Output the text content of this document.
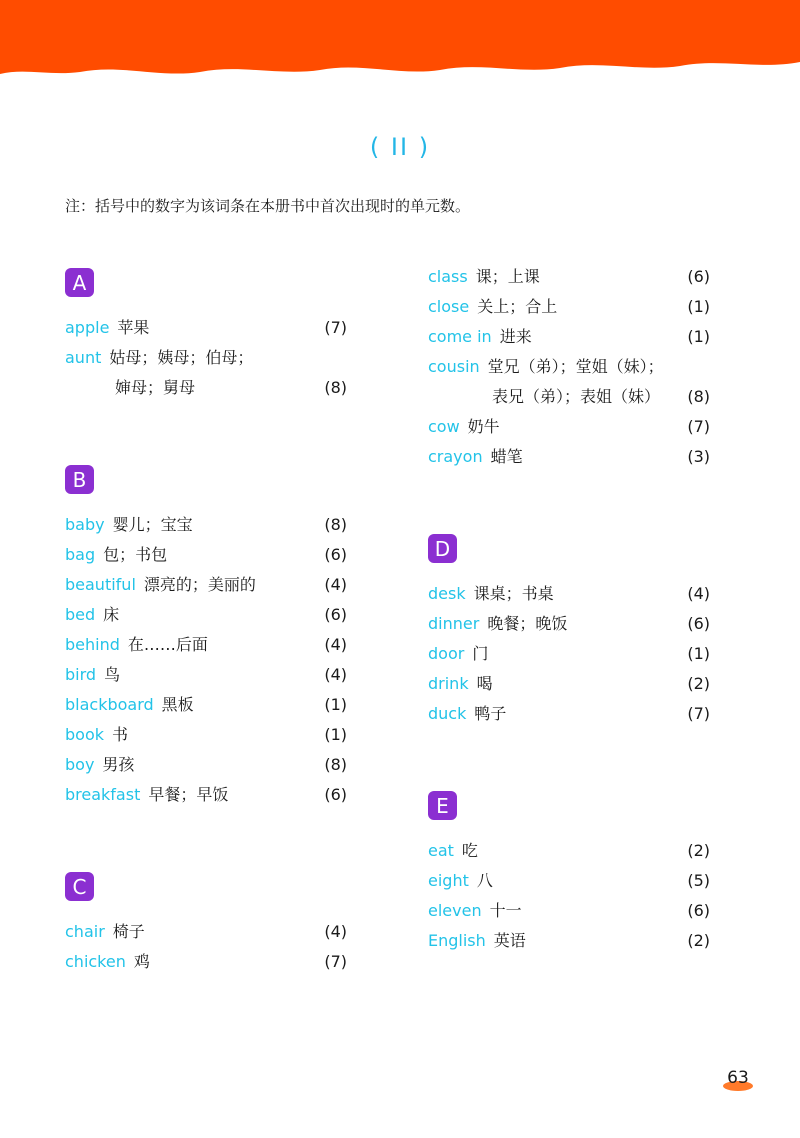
( II )
注：括号中的数字为该词条在本册书中首次出现时的单元数。
A
apple 苹果	(7)
aunt 姑母；姨母；伯母；
婶母；舅母	(8)
B
baby 婴儿；宝宝	(8)
bag 包；书包	(6)
beautiful 漂亮的；美丽的	(4)
bed 床	(6)
behind 在……后面	(4)
bird 鸟	(4)
blackboard 黑板	(1)
book 书	(1)
boy 男孩	(8)
breakfast 早餐；早饭	(6)
C
chair 椅子	(4)
chicken 鸡	(7)
class 课；上课	(6)
close 关上；合上	(1)
come in 进来	(1)
cousin 堂兄（弟）；堂姐（妹）；
表兄（弟）；表姐（妹）	(8)
cow 奶牛	(7)
crayon 蜡笔	(3)
D
desk 课桌；书桌	(4)
dinner 晚餐；晚饭	(6)
door 门	(1)
drink 喝	(2)
duck 鸭子	(7)
E
eat 吃	(2)
eight 八	(5)
eleven 十一	(6)
English 英语	(2)
63
